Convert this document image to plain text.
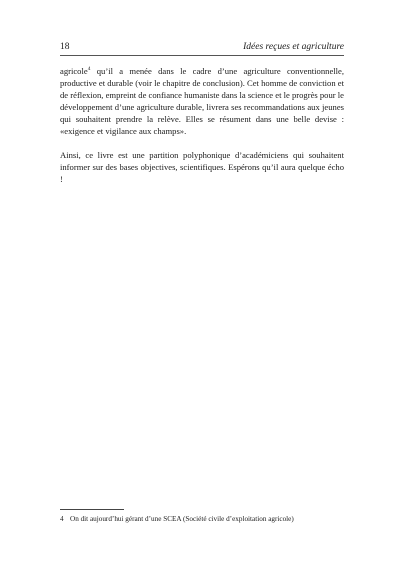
18	Idées reçues et agriculture

agricole$^4$ qu’il a menée dans le cadre d’une agriculture conventionnelle, productive et durable (voir le chapitre de conclusion). Cet homme de conviction et de réflexion, empreint de confiance humaniste dans la science et le progrès pour le développement d’une agriculture durable, livrera ses recommandations aux jeunes qui souhaitent prendre la relève. Elles se résument dans une belle devise : «exigence et vigilance aux champs».

Ainsi, ce livre est une partition polyphonique d’académiciens qui souhaitent informer sur des bases objectives, scientifiques. Espérons qu’il aura quelque écho !

4 On dit aujourd’hui gérant d’une SCEA (Société civile d’exploitation agricole)
